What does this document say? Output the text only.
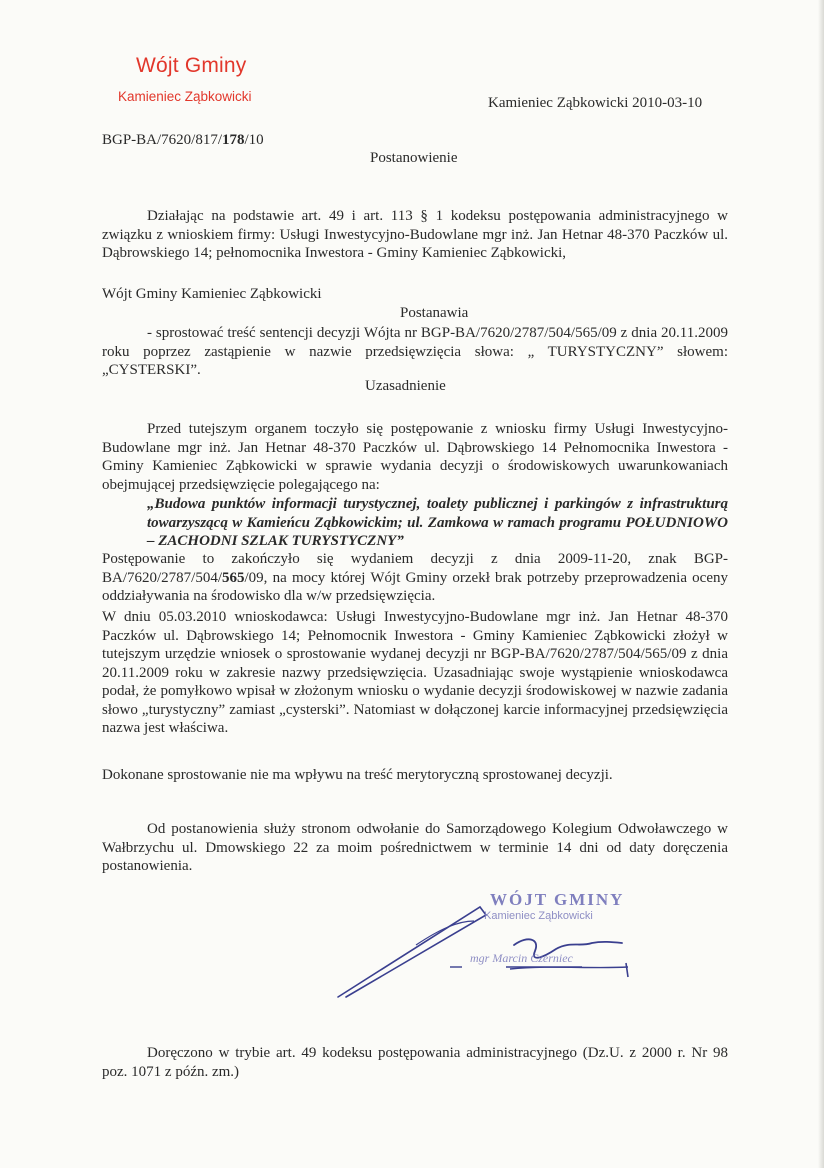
Wójt Gminy
Kamieniec Ząbkowicki	Kamieniec Ząbkowicki 2010-03-10
BGP-BA/7620/817/178/10
Postanowienie
Działając na podstawie art. 49 i art. 113 § 1 kodeksu postępowania administracyjnego w związku z wnioskiem firmy: Usługi Inwestycyjno-Budowlane mgr inż. Jan Hetnar 48-370 Paczków ul. Dąbrowskiego 14; pełnomocnika Inwestora - Gminy Kamieniec Ząbkowicki,
Wójt Gminy Kamieniec Ząbkowicki
Postanawia
- sprostować treść sentencji decyzji Wójta nr BGP-BA/7620/2787/504/565/09 z dnia 20.11.2009 roku poprzez zastąpienie w nazwie przedsięwzięcia słowa: „ TURYSTYCZNY” słowem: „CYSTERSKI”.
Uzasadnienie
Przed tutejszym organem toczyło się postępowanie z wniosku firmy Usługi Inwestycyjno-Budowlane mgr inż. Jan Hetnar 48-370 Paczków ul. Dąbrowskiego 14 Pełnomocnika Inwestora - Gminy Kamieniec Ząbkowicki w sprawie wydania decyzji o środowiskowych uwarunkowaniach obejmującej przedsięwzięcie polegającego na:
„Budowa punktów informacji turystycznej, toalety publicznej i parkingów z infrastrukturą towarzyszącą w Kamieńcu Ząbkowickim; ul. Zamkowa w ramach programu POŁUDNIOWO – ZACHODNI SZLAK TURYSTYCZNY”
Postępowanie to zakończyło się wydaniem decyzji z dnia 2009-11-20, znak BGP-BA/7620/2787/504/565/09, na mocy której Wójt Gminy orzekł brak potrzeby przeprowadzenia oceny oddziaływania na środowisko dla w/w przedsięwzięcia.
W dniu 05.03.2010 wnioskodawca: Usługi Inwestycyjno-Budowlane mgr inż. Jan Hetnar 48-370 Paczków ul. Dąbrowskiego 14; Pełnomocnik Inwestora - Gminy Kamieniec Ząbkowicki złożył w tutejszym urzędzie wniosek o sprostowanie wydanej decyzji nr BGP-BA/7620/2787/504/565/09 z dnia 20.11.2009 roku w zakresie nazwy przedsięwzięcia. Uzasadniając swoje wystąpienie wnioskodawca podał, że pomyłkowo wpisał w złożonym wniosku o wydanie decyzji środowiskowej w nazwie zadania słowo „turystyczny” zamiast „cysterski”. Natomiast w dołączonej karcie informacyjnej przedsięwzięcia nazwa jest właściwa.
Dokonane sprostowanie nie ma wpływu na treść merytoryczną sprostowanej decyzji.
Od postanowienia służy stronom odwołanie do Samorządowego Kolegium Odwoławczego w Wałbrzychu ul. Dmowskiego 22 za moim pośrednictwem w terminie 14 dni od daty doręczenia postanowienia.
WÓJT GMINY
Kamieniec Ząbkowicki
mgr Marcin Czerniec
Doręczono w trybie art. 49 kodeksu postępowania administracyjnego (Dz.U. z 2000 r. Nr 98 poz. 1071 z późn. zm.)
